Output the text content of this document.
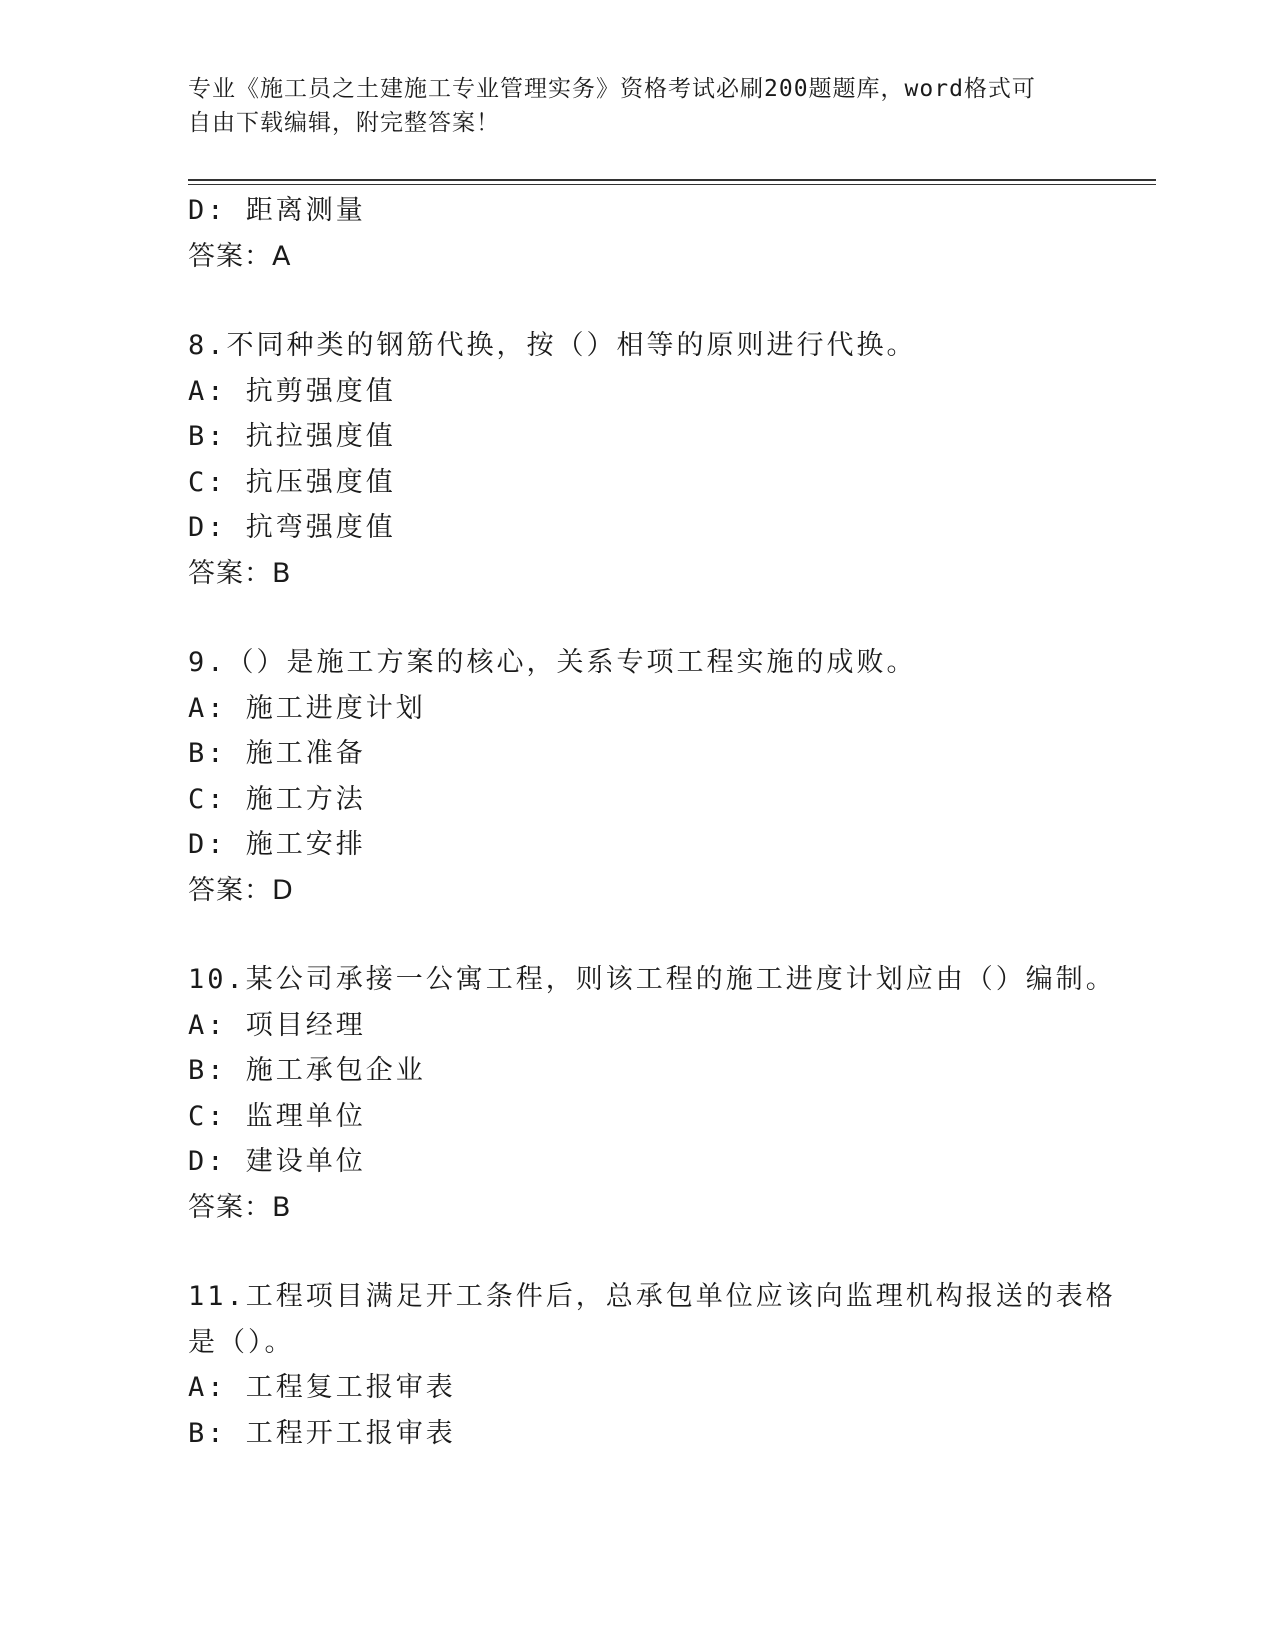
专业《施工员之土建施工专业管理实务》资格考试必刷200题题库，word格式可
自由下载编辑，附完整答案！
D: 距离测量
答案：A
8.不同种类的钢筋代换，按（）相等的原则进行代换。
A: 抗剪强度值
B: 抗拉强度值
C: 抗压强度值
D: 抗弯强度值
答案：B
9.（）是施工方案的核心，关系专项工程实施的成败。
A: 施工进度计划
B: 施工准备
C: 施工方法
D: 施工安排
答案：D
10.某公司承接一公寓工程，则该工程的施工进度计划应由（）编制。
A: 项目经理
B: 施工承包企业
C: 监理单位
D: 建设单位
答案：B
11.工程项目满足开工条件后，总承包单位应该向监理机构报送的表格
是（）。
A: 工程复工报审表
B: 工程开工报审表
